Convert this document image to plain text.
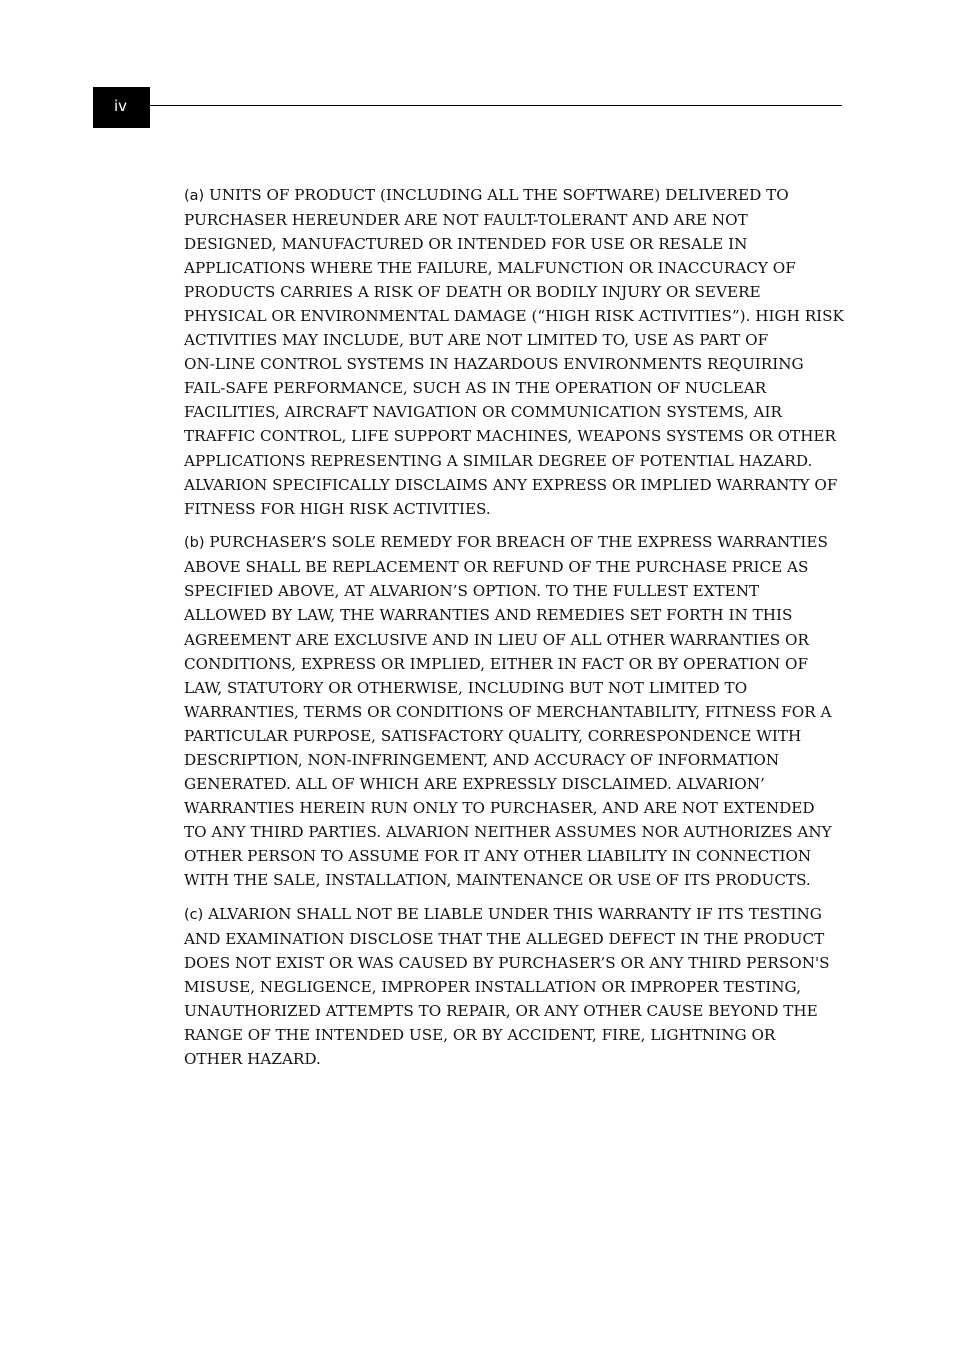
iv

(a) UNITS OF PRODUCT (INCLUDING ALL THE SOFTWARE) DELIVERED TO
PURCHASER HEREUNDER ARE NOT FAULT-TOLERANT AND ARE NOT
DESIGNED, MANUFACTURED OR INTENDED FOR USE OR RESALE IN
APPLICATIONS WHERE THE FAILURE, MALFUNCTION OR INACCURACY OF
PRODUCTS CARRIES A RISK OF DEATH OR BODILY INJURY OR SEVERE
PHYSICAL OR ENVIRONMENTAL DAMAGE (“HIGH RISK ACTIVITIES”). HIGH RISK
ACTIVITIES MAY INCLUDE, BUT ARE NOT LIMITED TO, USE AS PART OF
ON-LINE CONTROL SYSTEMS IN HAZARDOUS ENVIRONMENTS REQUIRING
FAIL-SAFE PERFORMANCE, SUCH AS IN THE OPERATION OF NUCLEAR
FACILITIES, AIRCRAFT NAVIGATION OR COMMUNICATION SYSTEMS, AIR
TRAFFIC CONTROL, LIFE SUPPORT MACHINES, WEAPONS SYSTEMS OR OTHER
APPLICATIONS REPRESENTING A SIMILAR DEGREE OF POTENTIAL HAZARD.
ALVARION SPECIFICALLY DISCLAIMS ANY EXPRESS OR IMPLIED WARRANTY OF
FITNESS FOR HIGH RISK ACTIVITIES.

(b) PURCHASER’S SOLE REMEDY FOR BREACH OF THE EXPRESS WARRANTIES
ABOVE SHALL BE REPLACEMENT OR REFUND OF THE PURCHASE PRICE AS
SPECIFIED ABOVE, AT ALVARION’S OPTION. TO THE FULLEST EXTENT
ALLOWED BY LAW, THE WARRANTIES AND REMEDIES SET FORTH IN THIS
AGREEMENT ARE EXCLUSIVE AND IN LIEU OF ALL OTHER WARRANTIES OR
CONDITIONS, EXPRESS OR IMPLIED, EITHER IN FACT OR BY OPERATION OF
LAW, STATUTORY OR OTHERWISE, INCLUDING BUT NOT LIMITED TO
WARRANTIES, TERMS OR CONDITIONS OF MERCHANTABILITY, FITNESS FOR A
PARTICULAR PURPOSE, SATISFACTORY QUALITY, CORRESPONDENCE WITH
DESCRIPTION, NON-INFRINGEMENT, AND ACCURACY OF INFORMATION
GENERATED. ALL OF WHICH ARE EXPRESSLY DISCLAIMED. ALVARION’
WARRANTIES HEREIN RUN ONLY TO PURCHASER, AND ARE NOT EXTENDED
TO ANY THIRD PARTIES. ALVARION NEITHER ASSUMES NOR AUTHORIZES ANY
OTHER PERSON TO ASSUME FOR IT ANY OTHER LIABILITY IN CONNECTION
WITH THE SALE, INSTALLATION, MAINTENANCE OR USE OF ITS PRODUCTS.

(c) ALVARION SHALL NOT BE LIABLE UNDER THIS WARRANTY IF ITS TESTING
AND EXAMINATION DISCLOSE THAT THE ALLEGED DEFECT IN THE PRODUCT
DOES NOT EXIST OR WAS CAUSED BY PURCHASER’S OR ANY THIRD PERSON'S
MISUSE, NEGLIGENCE, IMPROPER INSTALLATION OR IMPROPER TESTING,
UNAUTHORIZED ATTEMPTS TO REPAIR, OR ANY OTHER CAUSE BEYOND THE
RANGE OF THE INTENDED USE, OR BY ACCIDENT, FIRE, LIGHTNING OR
OTHER HAZARD.
